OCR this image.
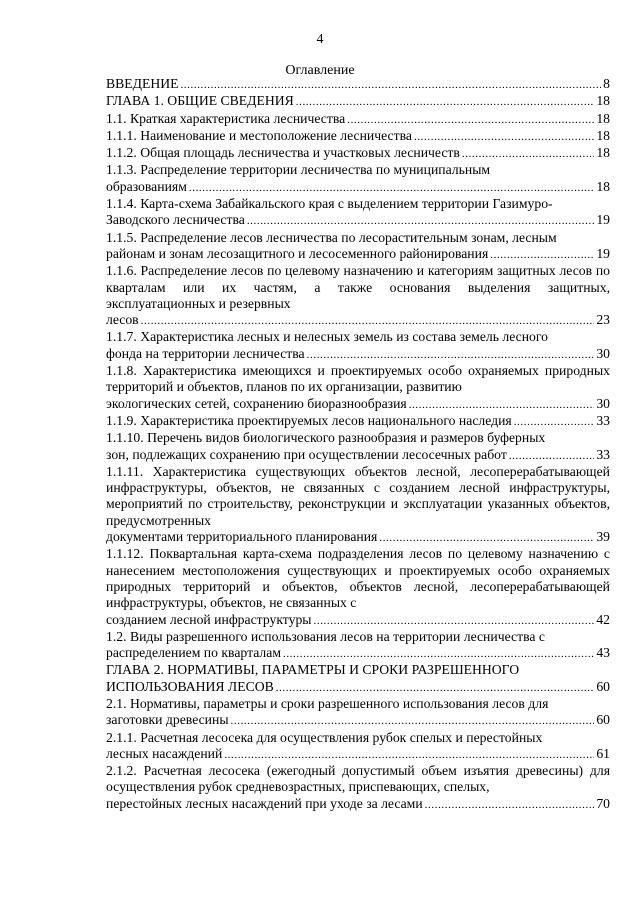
4
Оглавление
ВВЕДЕНИЕ .....	8
ГЛАВА 1. ОБЩИЕ СВЕДЕНИЯ .....	18
1.1. Краткая характеристика лесничества .....	18
1.1.1. Наименование и местоположение лесничества .....	18
1.1.2. Общая площадь лесничества и участковых лесничеств .....	18
1.1.3. Распределение территории лесничества по муниципальным
образованиям .....	18
1.1.4. Карта-схема Забайкальского края с выделением территории Газимуро-
Заводского лесничества .....	19
1.1.5. Распределение лесов лесничества по лесорастительным зонам, лесным
районам и зонам лесозащитного и лесосеменного районирования .....	19
1.1.6. Распределение лесов по целевому назначению и категориям защитных лесов по кварталам или их частям, а также основания выделения защитных, эксплуатационных и резервных
лесов .....	23
1.1.7. Характеристика лесных и нелесных земель из состава земель лесного
фонда на территории лесничества .....	30
1.1.8. Характеристика имеющихся и проектируемых особо охраняемых природных территорий и объектов, планов по их организации, развитию
экологических сетей, сохранению биоразнообразия .....	30
1.1.9. Характеристика проектируемых лесов национального наследия .....	33
1.1.10. Перечень видов биологического разнообразия и размеров буферных
зон, подлежащих сохранению при осуществлении лесосечных работ .....	33
1.1.11. Характеристика существующих объектов лесной, лесоперерабатывающей инфраструктуры, объектов, не связанных с созданием лесной инфраструктуры, мероприятий по строительству, реконструкции и эксплуатации указанных объектов, предусмотренных
документами территориального планирования .....	39
1.1.12. Поквартальная карта-схема подразделения лесов по целевому назначению с нанесением местоположения существующих и проектируемых особо охраняемых природных территорий и объектов, объектов лесной, лесоперерабатывающей инфраструктуры, объектов, не связанных с
созданием лесной инфраструктуры .....	42
1.2. Виды разрешенного использования лесов на территории лесничества с
распределением по кварталам .....	43
ГЛАВА 2. НОРМАТИВЫ, ПАРАМЕТРЫ И СРОКИ РАЗРЕШЕННОГО
ИСПОЛЬЗОВАНИЯ ЛЕСОВ .....	60
2.1. Нормативы, параметры и сроки разрешенного использования лесов для
заготовки древесины .....	60
2.1.1. Расчетная лесосека для осуществления рубок спелых и перестойных
лесных насаждений .....	61
2.1.2. Расчетная лесосека (ежегодный допустимый объем изъятия древесины) для осуществления рубок средневозрастных, приспевающих, спелых,
перестойных лесных насаждений при уходе за лесами .....	70
